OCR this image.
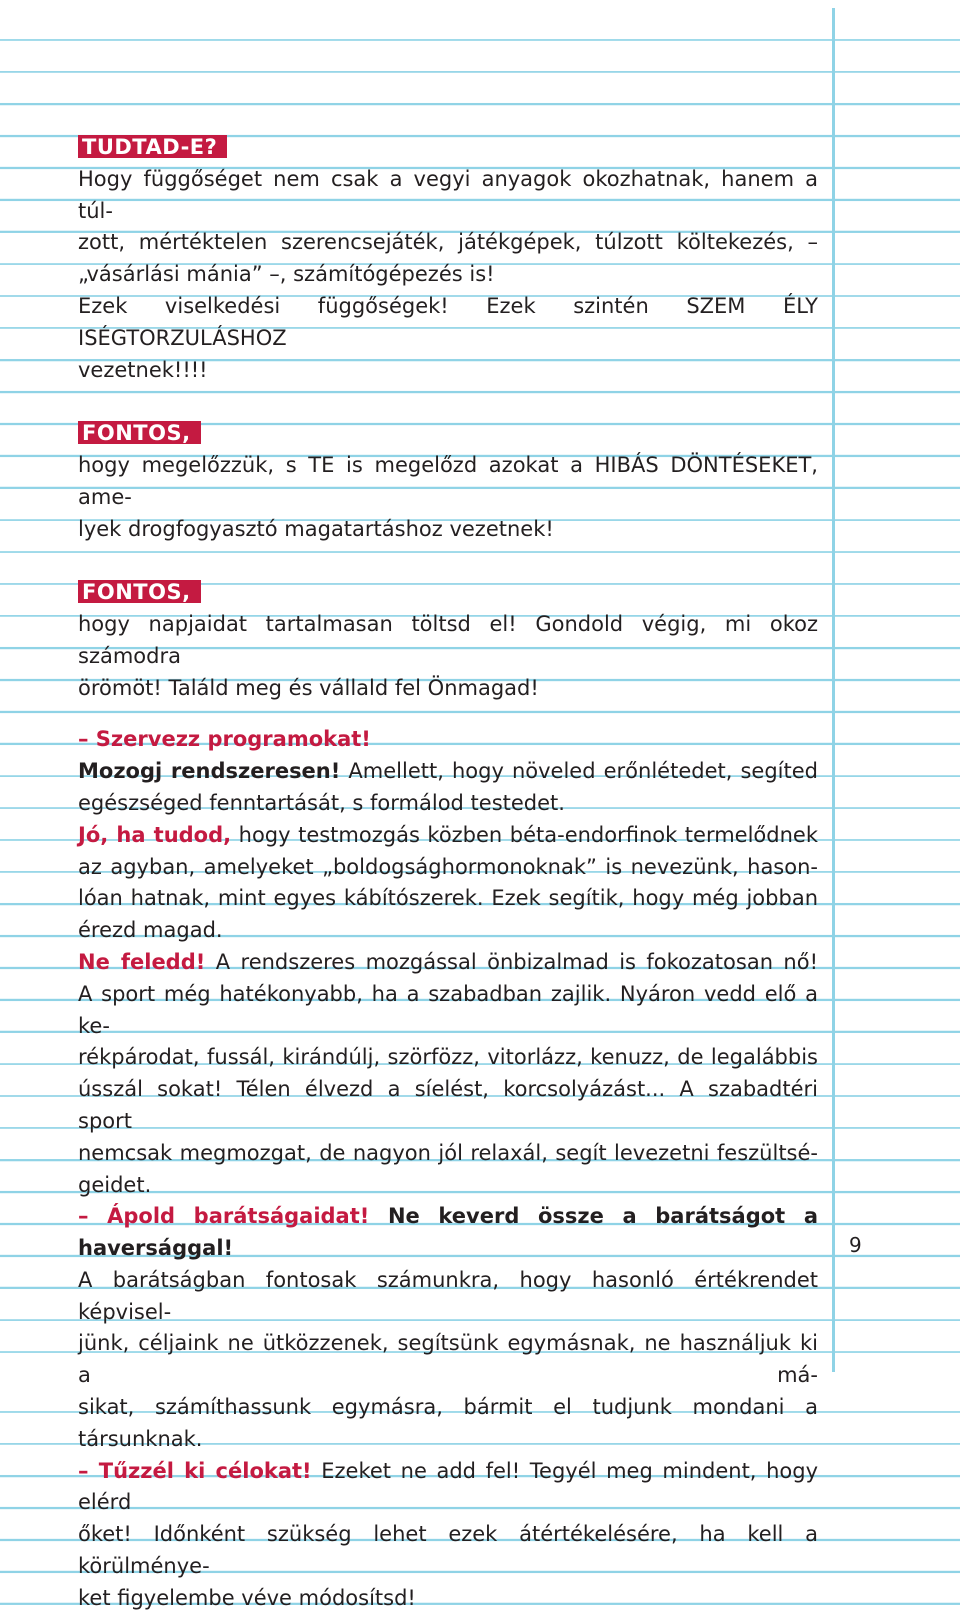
TUDTAD-E?
Hogy függőséget nem csak a vegyi anyagok okozhatnak, hanem a túl-
zott, mértéktelen szerencsejáték, játékgépek, túlzott költekezés, –
„vásárlási mánia” –, számítógépezés is!
Ezek viselkedési függőségek! Ezek szintén SZEM ÉLY ISÉGTORZULÁSHOZ
vezetnek!!!!
FONTOS,
hogy megelőzzük, s TE is megelőzd azokat a HIBÁS DÖNTÉSEKET, ame-
lyek drogfogyasztó magatartáshoz vezetnek!
FONTOS,
hogy napjaidat tartalmasan töltsd el! Gondold végig, mi okoz számodra
örömöt! Találd meg és vállald fel Önmagad!
– Szervezz programokat!
Mozogj rendszeresen! Amellett, hogy növeled erőnlétedet, segíted
egészséged fenntartását, s formálod testedet.
Jó, ha tudod, hogy testmozgás közben béta-endorfinok termelődnek
az agyban, amelyeket „boldogsághormonoknak” is nevezünk, hason-
lóan hatnak, mint egyes kábítószerek. Ezek segítik, hogy még jobban
érezd magad.
Ne feledd! A rendszeres mozgással önbizalmad is fokozatosan nő!
A sport még hatékonyabb, ha a szabadban zajlik. Nyáron vedd elő a ke-
rékpárodat, fussál, kirándúlj, szörfözz, vitorlázz, kenuzz, de legalábbis
ússzál sokat! Télen élvezd a síelést, korcsolyázást... A szabadtéri sport
nemcsak megmozgat, de nagyon jól relaxál, segít levezetni feszültsé-
geidet.
– Ápold barátságaidat! Ne keverd össze a barátságot a haversággal!
A barátságban fontosak számunkra, hogy hasonló értékrendet képvisel-
jünk, céljaink ne ütközzenek, segítsünk egymásnak, ne használjuk ki a má-
sikat, számíthassunk egymásra, bármit el tudjunk mondani a társunknak.
– Tűzzél ki célokat! Ezeket ne add fel! Tegyél meg mindent, hogy elérd
őket! Időnként szükség lehet ezek átértékelésére, ha kell a körülménye-
ket figyelembe véve módosítsd!
9
